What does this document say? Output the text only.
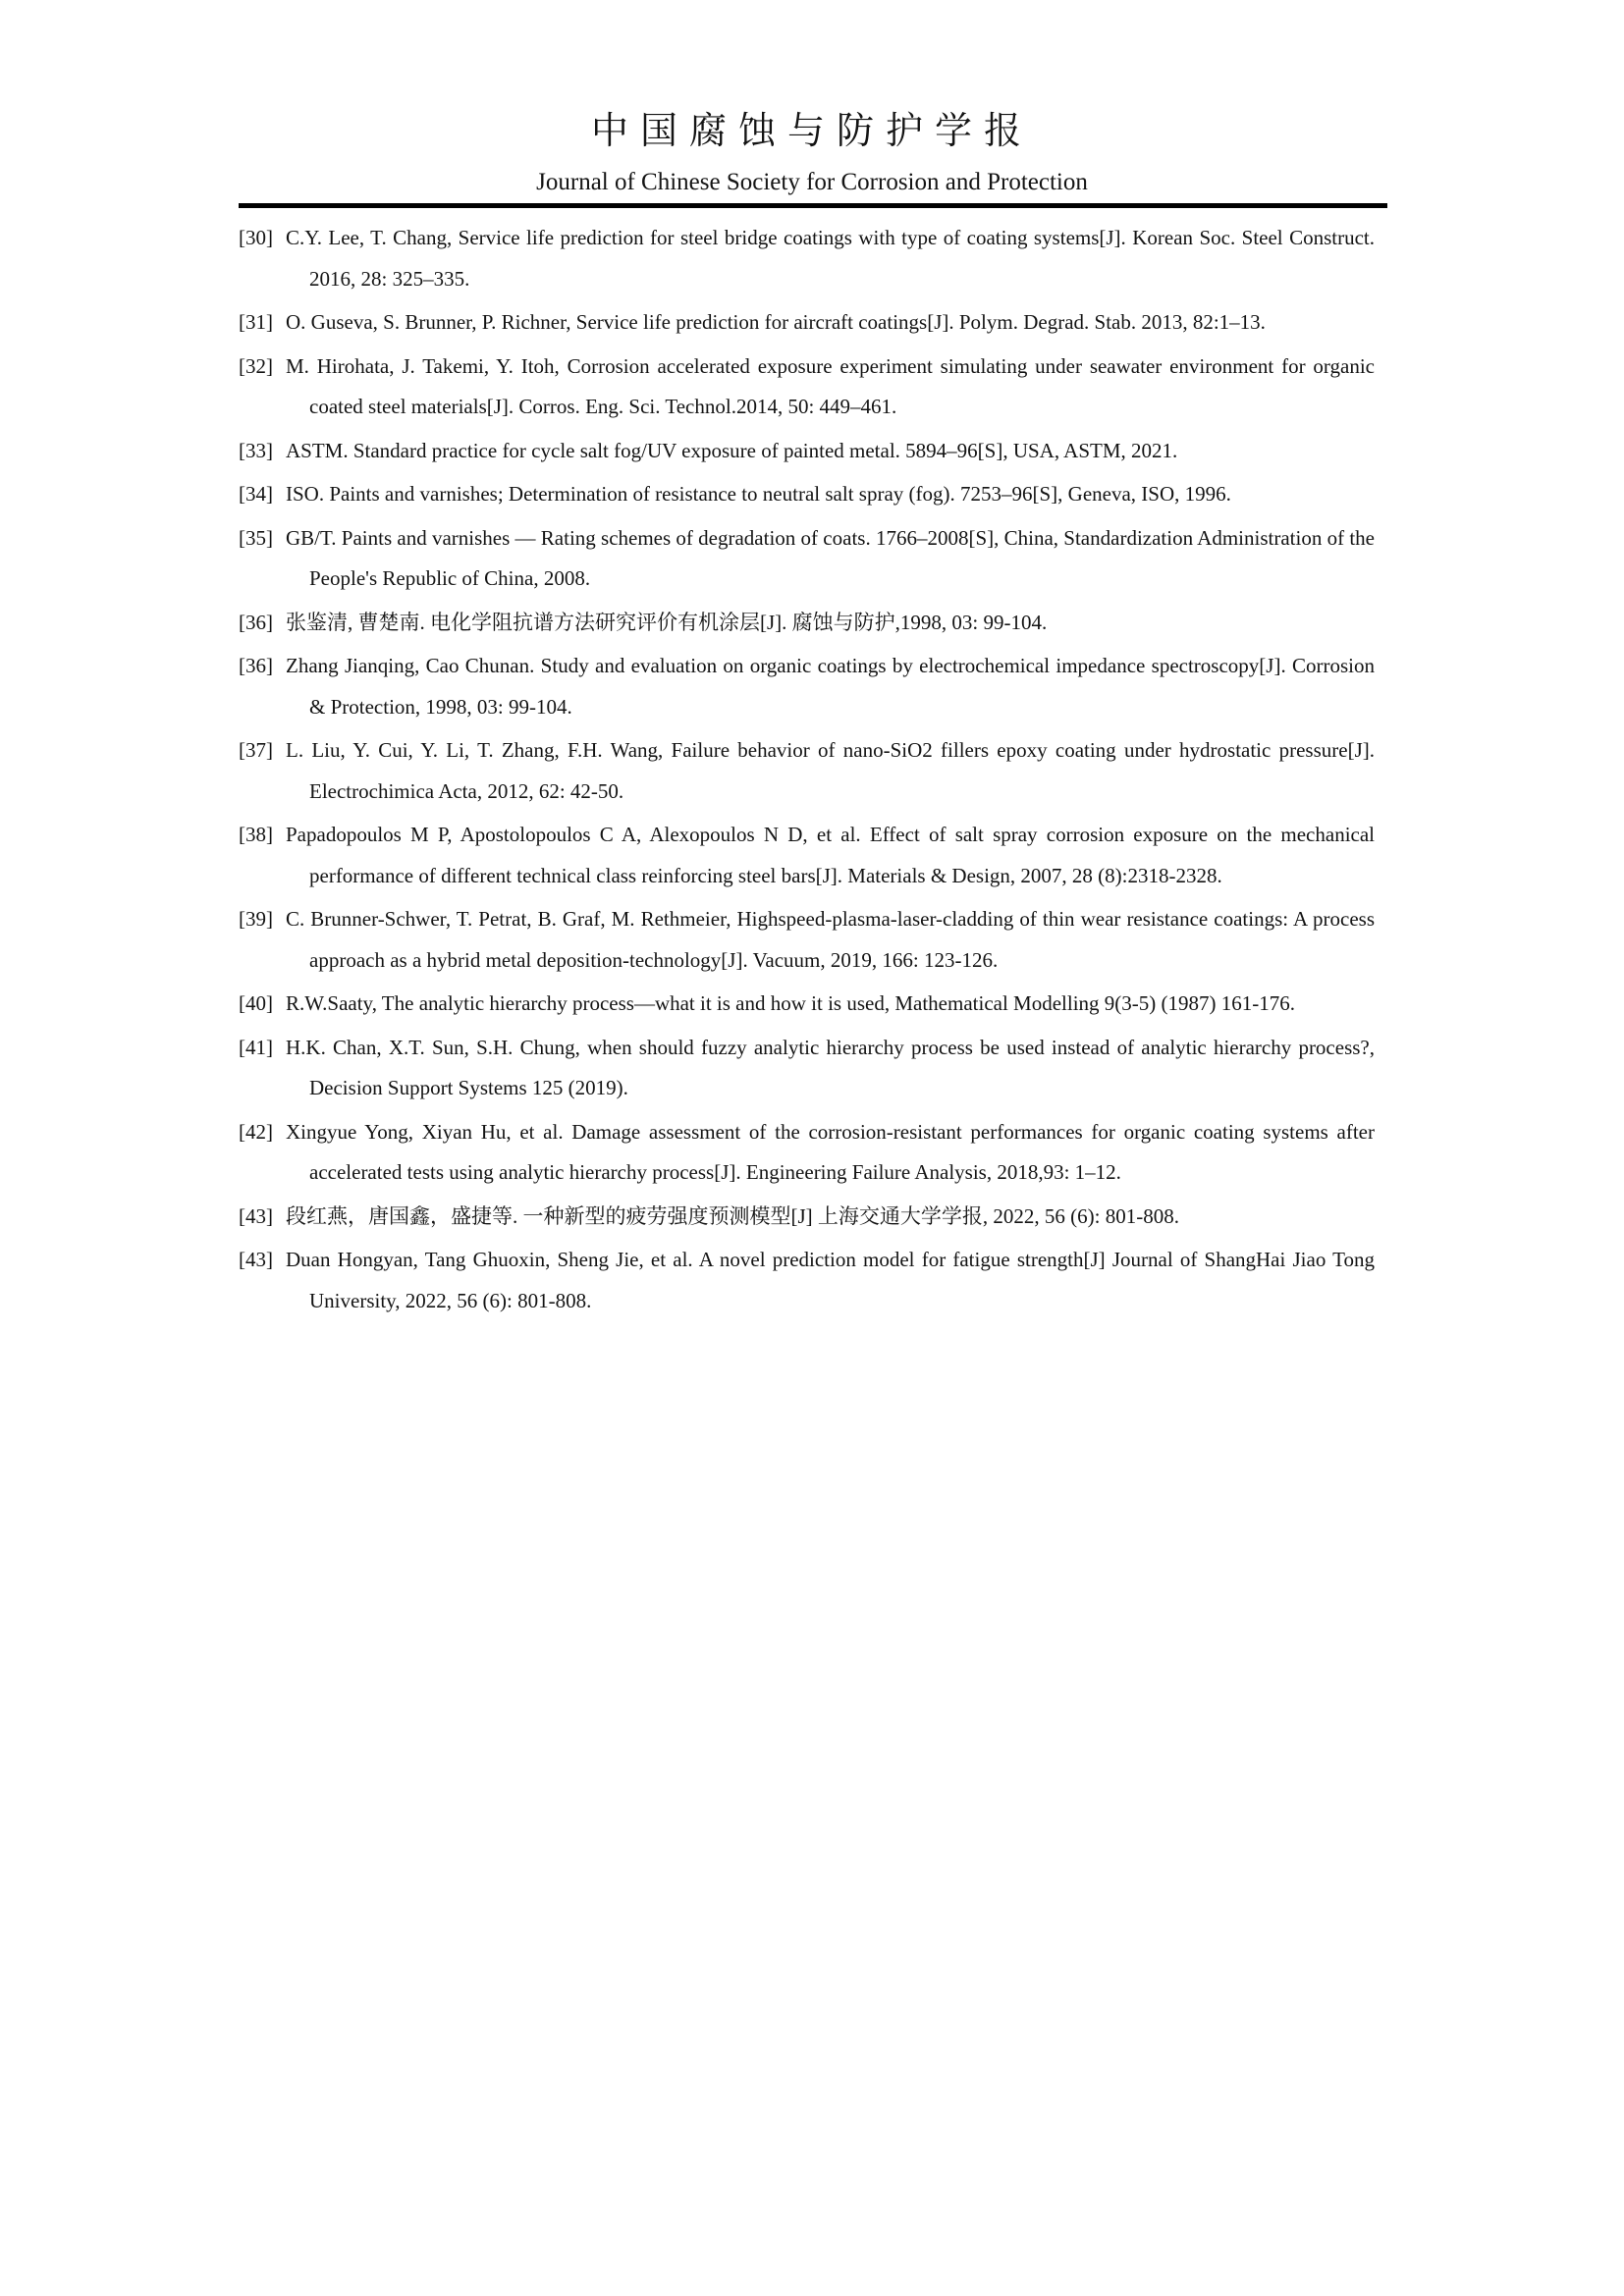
中国腐蚀与防护学报
Journal of Chinese Society for Corrosion and Protection

[30] C.Y. Lee, T. Chang, Service life prediction for steel bridge coatings with type of coating systems[J]. Korean Soc. Steel Construct. 2016, 28: 325–335.

[31] O. Guseva, S. Brunner, P. Richner, Service life prediction for aircraft coatings[J]. Polym. Degrad. Stab. 2013, 82:1–13.

[32] M. Hirohata, J. Takemi, Y. Itoh, Corrosion accelerated exposure experiment simulating under seawater environment for organic coated steel materials[J]. Corros. Eng. Sci. Technol.2014, 50: 449–461.

[33] ASTM. Standard practice for cycle salt fog/UV exposure of painted metal. 5894–96[S], USA, ASTM, 2021.

[34] ISO. Paints and varnishes; Determination of resistance to neutral salt spray (fog). 7253–96[S], Geneva, ISO, 1996.

[35] GB/T. Paints and varnishes — Rating schemes of degradation of coats. 1766–2008[S], China, Standardization Administration of the People's Republic of China, 2008.

[36] 张鉴清, 曹楚南. 电化学阻抗谱方法研究评价有机涂层[J]. 腐蚀与防护,1998, 03: 99-104.

[36] Zhang Jianqing, Cao Chunan. Study and evaluation on organic coatings by electrochemical impedance spectroscopy[J]. Corrosion & Protection, 1998, 03: 99-104.

[37] L. Liu, Y. Cui, Y. Li, T. Zhang, F.H. Wang, Failure behavior of nano-SiO2 fillers epoxy coating under hydrostatic pressure[J]. Electrochimica Acta, 2012, 62: 42-50.

[38] Papadopoulos M P, Apostolopoulos C A, Alexopoulos N D, et al. Effect of salt spray corrosion exposure on the mechanical performance of different technical class reinforcing steel bars[J]. Materials & Design, 2007, 28 (8):2318-2328.

[39] C. Brunner-Schwer, T. Petrat, B. Graf, M. Rethmeier, Highspeed-plasma-laser-cladding of thin wear resistance coatings: A process approach as a hybrid metal deposition-technology[J]. Vacuum, 2019, 166: 123-126.

[40] R.W.Saaty, The analytic hierarchy process—what it is and how it is used, Mathematical Modelling 9(3-5) (1987) 161-176.

[41] H.K. Chan, X.T. Sun, S.H. Chung, when should fuzzy analytic hierarchy process be used instead of analytic hierarchy process?, Decision Support Systems 125 (2019).

[42] Xingyue Yong, Xiyan Hu, et al. Damage assessment of the corrosion-resistant performances for organic coating systems after accelerated tests using analytic hierarchy process[J]. Engineering Failure Analysis, 2018,93: 1–12.

[43] 段红燕，唐国鑫，盛捷等. 一种新型的疲劳强度预测模型[J] 上海交通大学学报, 2022, 56 (6): 801-808.

[43] Duan Hongyan, Tang Ghuoxin, Sheng Jie, et al. A novel prediction model for fatigue strength[J] Journal of ShangHai Jiao Tong University, 2022, 56 (6): 801-808.
